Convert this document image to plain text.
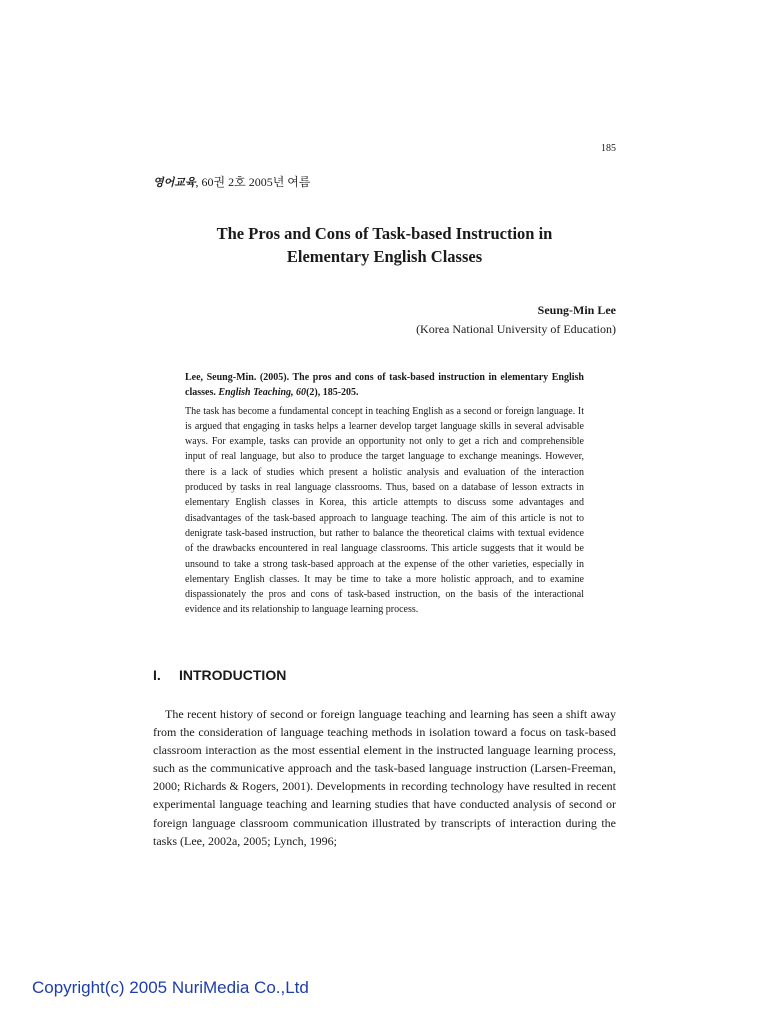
185
영어교육, 60권 2호 2005년 여름
The Pros and Cons of Task-based Instruction in
Elementary English Classes
Seung-Min Lee
(Korea National University of Education)

Lee, Seung-Min. (2005). The pros and cons of task-based instruction in elementary English classes. English Teaching, 60(2), 185-205.

The task has become a fundamental concept in teaching English as a second or foreign language. It is argued that engaging in tasks helps a learner develop target language skills in several advisable ways. For example, tasks can provide an opportunity not only to get a rich and comprehensible input of real language, but also to produce the target language to exchange meanings. However, there is a lack of studies which present a holistic analysis and evaluation of the interaction produced by tasks in real language classrooms. Thus, based on a database of lesson extracts in elementary English classes in Korea, this article attempts to discuss some advantages and disadvantages of the task-based approach to language teaching. The aim of this article is not to denigrate task-based instruction, but rather to balance the theoretical claims with textual evidence of the drawbacks encountered in real language classrooms. This article suggests that it would be unsound to take a strong task-based approach at the expense of the other varieties, especially in elementary English classes. It may be time to take a more holistic approach, and to examine dispassionately the pros and cons of task-based instruction, on the basis of the interactional evidence and its relationship to language learning process.

I. INTRODUCTION

The recent history of second or foreign language teaching and learning has seen a shift away from the consideration of language teaching methods in isolation toward a focus on task-based classroom interaction as the most essential element in the instructed language learning process, such as the communicative approach and the task-based language instruction (Larsen-Freeman, 2000; Richards & Rogers, 2001). Developments in recording technology have resulted in recent experimental language teaching and learning studies that have conducted analysis of second or foreign language classroom communication illustrated by transcripts of interaction during the tasks (Lee, 2002a, 2005; Lynch, 1996;

Copyright(c) 2005 NuriMedia Co.,Ltd
